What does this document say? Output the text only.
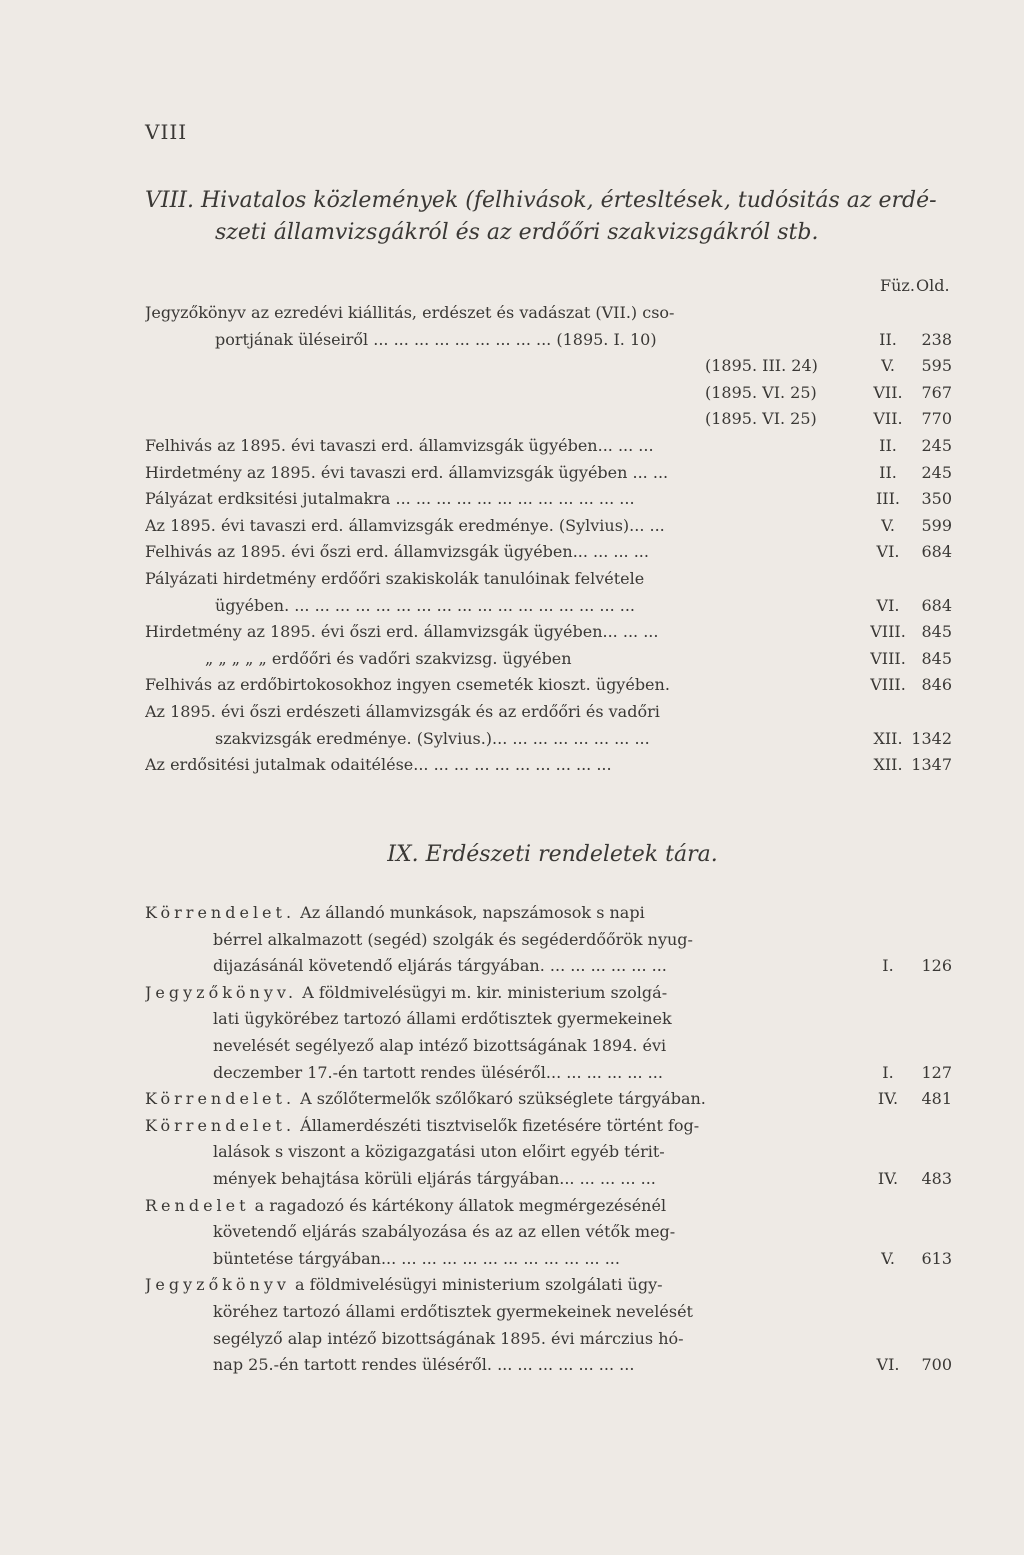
VIII
VIII. Hivatalos közlemények (felhivások, értesltések, tudósitás az erdé-
szeti államvizsgákról és az erdőőri szakvizsgákról stb.
Füz. Old.
Jegyzőkönyv az ezredévi kiállitás, erdészet és vadászat (VII.) cso-
portjának üléseiről ... ... ... ... ... ... ... ... ... (1895. I. 10)	II.	238
(1895. III. 24)	V.	595
(1895. VI. 25)	VII.	767
(1895. VI. 25)	VII.	770
Felhivás az 1895. évi tavaszi erd. államvizsgák ügyében... ... ...	II.	245
Hirdetmény az 1895. évi tavaszi erd. államvizsgák ügyében ... ...	II.	245
Pályázat erdksitési jutalmakra ... ... ... ... ... ... ... ... ... ... ... ...	III.	350
Az 1895. évi tavaszi erd. államvizsgák eredménye. (Sylvius)... ...	V.	599
Felhivás az 1895. évi őszi erd. államvizsgák ügyében... ... ... ...	VI.	684
Pályázati hirdetmény erdőőri szakiskolák tanulóinak felvétele
ügyében. ... ... ... ... ... ... ... ... ... ... ... ... ... ... ... ... ...	VI.	684
Hirdetmény az 1895. évi őszi erd. államvizsgák ügyében... ... ...	VIII. 845
„ „ „ „ „ erdőőri és vadőri szakvizsg. ügyében	VIII. 845
Felhivás az erdőbirtokosokhoz ingyen csemeték kioszt. ügyében.	VIII. 846
Az 1895. évi őszi erdészeti államvizsgák és az erdőőri és vadőri
szakvizsgák eredménye. (Sylvius.)... ... ... ... ... ... ... ...	XII. 1342
Az erdősitési jutalmak odaitélése... ... ... ... ... ... ... ... ... ...	XII. 1347
IX. Erdészeti rendeletek tára.
Körrendelet. Az állandó munkások, napszámosok s napi
bérrel alkalmazott (segéd) szolgák és segéderdőőrök nyug-
dijazásánál követendő eljárás tárgyában. ... ... ... ... ... ...	I.	126
Jegyzőkönyv. A földmivelésügyi m. kir. ministerium szolgá-
lati ügykörébez tartozó állami erdőtisztek gyermekeinek
nevelését segélyező alap intéző bizottságának 1894. évi
deczember 17.-én tartott rendes üléséről... ... ... ... ... ...	I.	127
Körrendelet. A szőlőtermelők szőlőkaró szükséglete tárgyában.	IV.	481
Körrendelet. Államerdészéti tisztviselők fizetésére történt fog-
lalások s viszont a közigazgatási uton előirt egyéb térit-
mények behajtása körüli eljárás tárgyában... ... ... ... ...	IV.	483
Rendelet a ragadozó és kártékony állatok megmérgezésénél
követendő eljárás szabályozása és az az ellen vétők meg-
büntetése tárgyában... ... ... ... ... ... ... ... ... ... ... ...	V.	613
Jegyzőkönyv a földmivelésügyi ministerium szolgálati ügy-
köréhez tartozó állami erdőtisztek gyermekeinek nevelését
segélyző alap intéző bizottságának 1895. évi márczius hó-
nap 25.-én tartott rendes üléséről. ... ... ... ... ... ... ...	VI.	700
